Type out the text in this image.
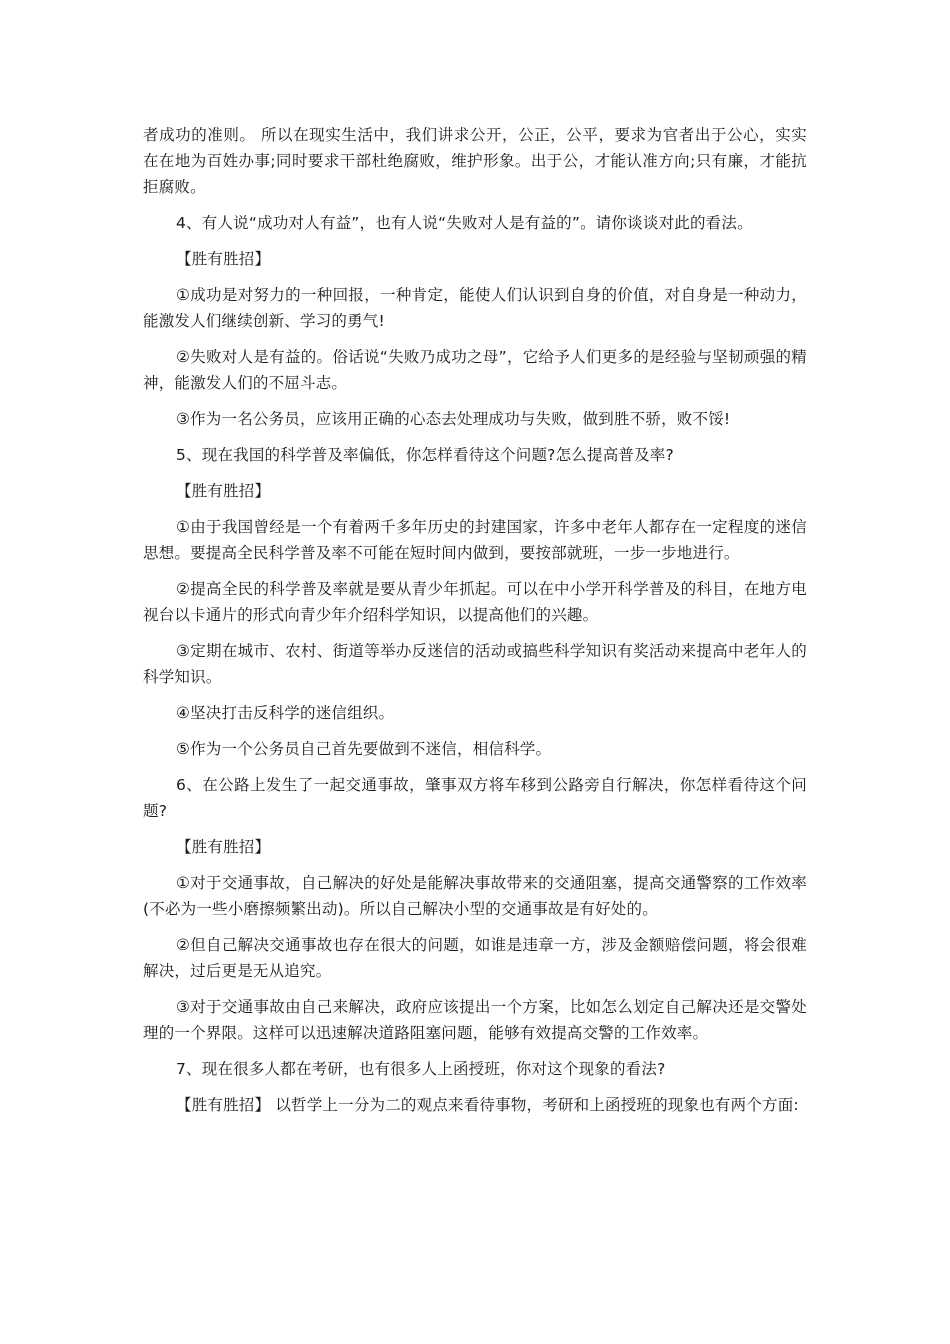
者成功的准则。 所以在现实生活中，我们讲求公开，公正，公平，要求为官者出于公心，实实在在地为百姓办事;同时要求干部杜绝腐败，维护形象。出于公，才能认准方向;只有廉，才能抗拒腐败。

4、有人说“成功对人有益”，也有人说“失败对人是有益的”。请你谈谈对此的看法。

【胜有胜招】

①成功是对努力的一种回报，一种肯定，能使人们认识到自身的价值，对自身是一种动力，能激发人们继续创新、学习的勇气!

②失败对人是有益的。俗话说“失败乃成功之母”，它给予人们更多的是经验与坚韧顽强的精神，能激发人们的不屈斗志。

③作为一名公务员，应该用正确的心态去处理成功与失败，做到胜不骄，败不馁!

5、现在我国的科学普及率偏低，你怎样看待这个问题?怎么提高普及率?

【胜有胜招】

①由于我国曾经是一个有着两千多年历史的封建国家，许多中老年人都存在一定程度的迷信思想。要提高全民科学普及率不可能在短时间内做到，要按部就班，一步一步地进行。

②提高全民的科学普及率就是要从青少年抓起。可以在中小学开科学普及的科目，在地方电视台以卡通片的形式向青少年介绍科学知识，以提高他们的兴趣。

③定期在城市、农村、街道等举办反迷信的活动或搞些科学知识有奖活动来提高中老年人的科学知识。

④坚决打击反科学的迷信组织。

⑤作为一个公务员自己首先要做到不迷信，相信科学。

6、在公路上发生了一起交通事故，肇事双方将车移到公路旁自行解决，你怎样看待这个问题?

【胜有胜招】

①对于交通事故，自己解决的好处是能解决事故带来的交通阻塞，提高交通警察的工作效率(不必为一些小磨擦频繁出动)。所以自己解决小型的交通事故是有好处的。

②但自己解决交通事故也存在很大的问题，如谁是违章一方，涉及金额赔偿问题，将会很难解决，过后更是无从追究。

③对于交通事故由自己来解决，政府应该提出一个方案，比如怎么划定自己解决还是交警处理的一个界限。这样可以迅速解决道路阻塞问题，能够有效提高交警的工作效率。

7、现在很多人都在考研，也有很多人上函授班，你对这个现象的看法?

【胜有胜招】 以哲学上一分为二的观点来看待事物，考研和上函授班的现象也有两个方面:
